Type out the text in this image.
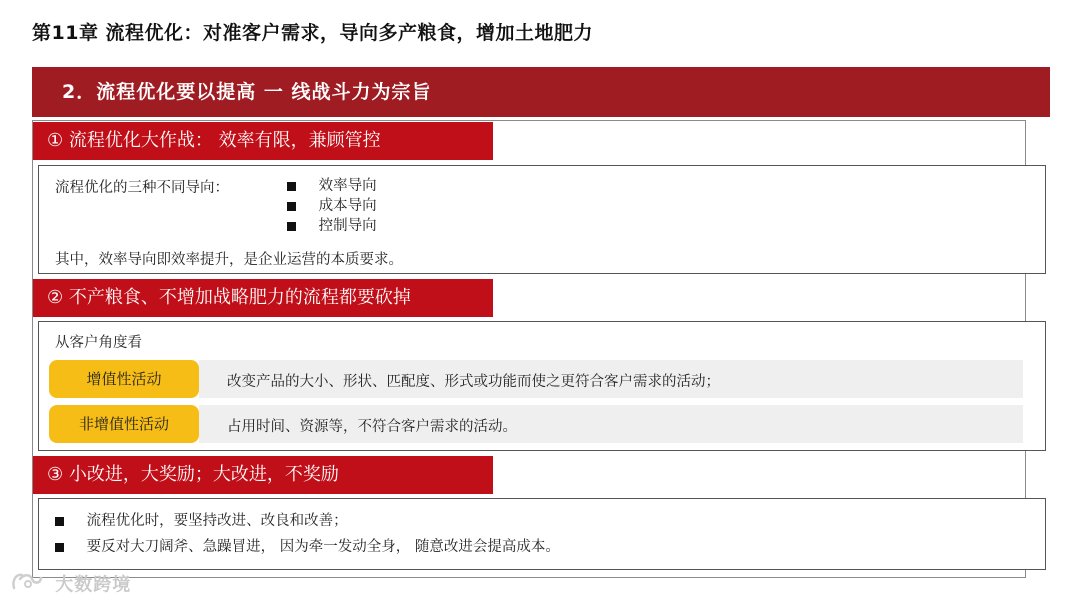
第11章 流程优化：对准客户需求，导向多产粮食，增加土地肥力
2．流程优化要以提高 一 线战斗力为宗旨
① 流程优化大作战： 效率有限，兼顾管控
流程优化的三种不同导向：	效率导向
成本导向
控制导向
其中，效率导向即效率提升，是企业运营的本质要求。
② 不产粮食、不增加战略肥力的流程都要砍掉
从客户角度看
改变产品的大小、形状、匹配度、形式或功能而使之更符合客户需求的活动；
增值性活动
占用时间、资源等，不符合客户需求的活动。
非增值性活动
③ 小改进，大奖励；大改进，不奖励
流程优化时，要坚持改进、改良和改善；
要反对大刀阔斧、急躁冒进， 因为牵一发动全身， 随意改进会提高成本。
大数跨境
